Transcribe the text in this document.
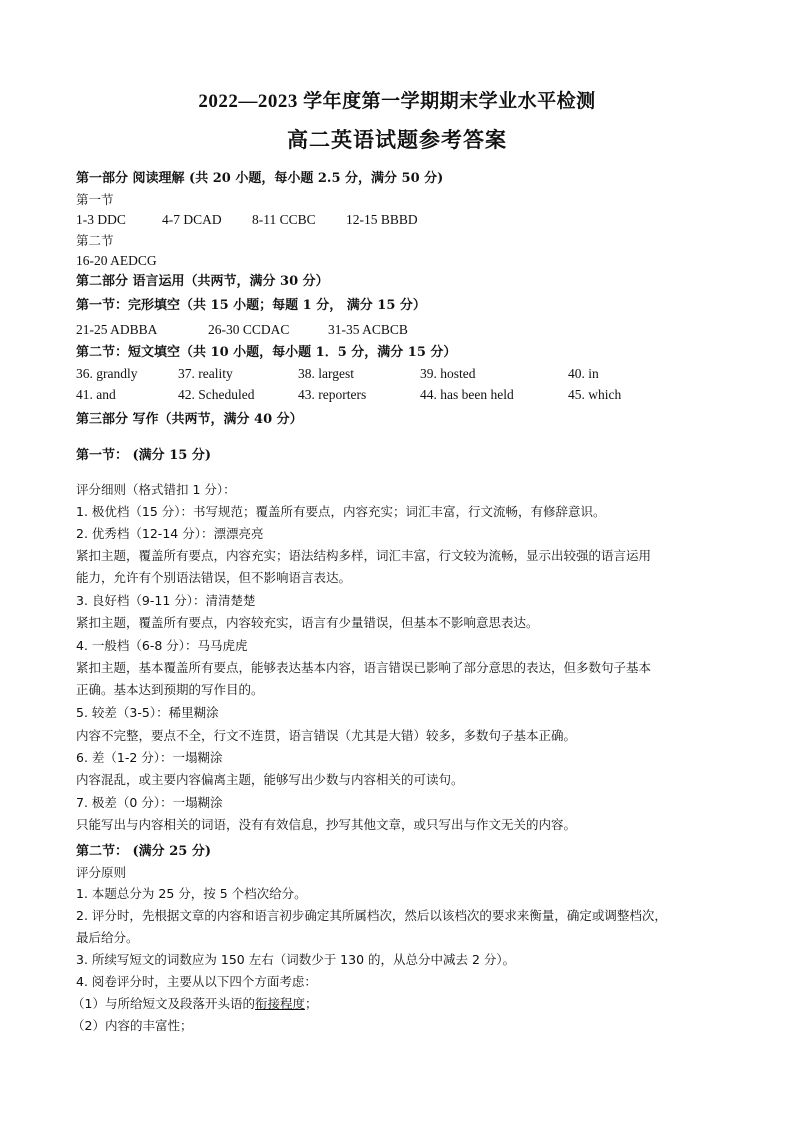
2022—2023 学年度第一学期期末学业水平检测
高二英语试题参考答案
第一部分 阅读理解 (共 20 小题，每小题 2.5 分，满分 50 分)
第一节
1-3 DDC	4-7 DCAD 8-11 CCBC 12-15 BBBD
第二节
16-20 AEDCG
第二部分 语言运用（共两节，满分 30 分）
第一节：完形填空（共 15 小题；每题 1 分， 满分 15 分）
21-25 ADBBA	26-30 CCDAC	31-35 ACBCB
第二节：短文填空（共 10 小题，每小题 1．5 分，满分 15 分）
36. grandly	37. reality	38. largest	39. hosted	40. in
41. and	42. Scheduled	43. reporters	44. has been held	45. which
第三部分 写作（共两节，满分 40 分）
第一节： (满分 15 分)
评分细则（格式错扣 1 分）：
1. 极优档（15 分）：书写规范；覆盖所有要点，内容充实；词汇丰富，行文流畅，有修辞意识。
2. 优秀档（12-14 分）：漂漂亮亮
紧扣主题，覆盖所有要点，内容充实；语法结构多样，词汇丰富，行文较为流畅，显示出较强的语言运用
能力，允许有个别语法错误，但不影响语言表达。
3. 良好档（9-11 分）：清清楚楚
紧扣主题，覆盖所有要点，内容较充实，语言有少量错误，但基本不影响意思表达。
4. 一般档（6-8 分）：马马虎虎
紧扣主题，基本覆盖所有要点，能够表达基本内容，语言错误已影响了部分意思的表达，但多数句子基本
正确。基本达到预期的写作目的。
5. 较差（3-5）：稀里糊涂
内容不完整，要点不全，行文不连贯，语言错误（尤其是大错）较多，多数句子基本正确。
6. 差（1-2 分）：一塌糊涂
内容混乱，或主要内容偏离主题，能够写出少数与内容相关的可读句。
7. 极差（0 分）：一塌糊涂
只能写出与内容相关的词语，没有有效信息，抄写其他文章，或只写出与作文无关的内容。
第二节： (满分 25 分)
评分原则
1. 本题总分为 25 分，按 5 个档次给分。
2. 评分时，先根据文章的内容和语言初步确定其所属档次，然后以该档次的要求来衡量，确定或调整档次，
最后给分。
3. 所续写短文的词数应为 150 左右（词数少于 130 的，从总分中减去 2 分）。
4. 阅卷评分时，主要从以下四个方面考虑：
（1）与所给短文及段落开头语的衔接程度；
（2）内容的丰富性；
